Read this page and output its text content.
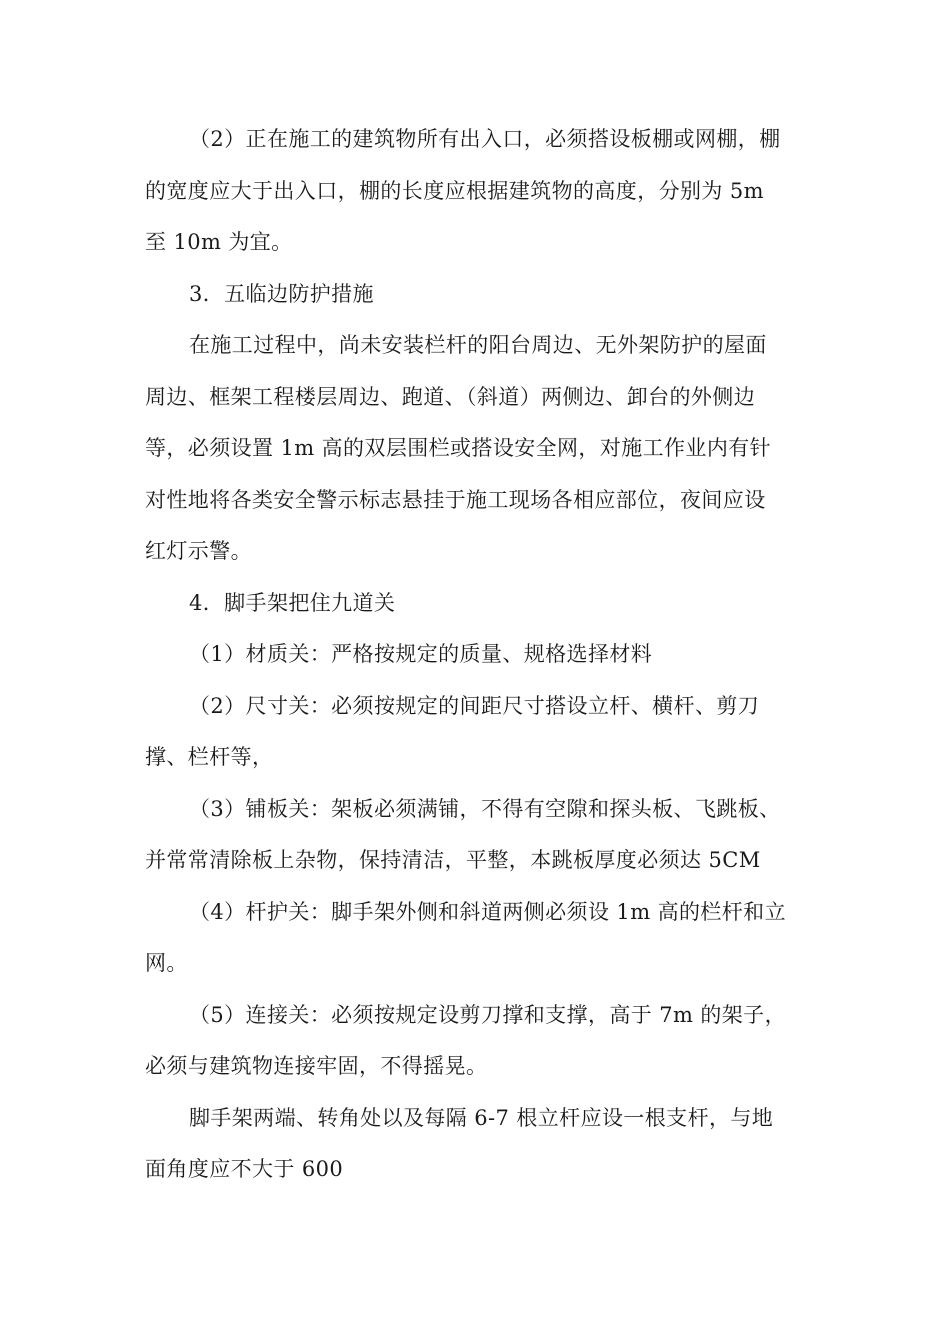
（2）正在施工的建筑物所有出入口，必须搭设板棚或网棚，棚
的宽度应大于出入口，棚的长度应根据建筑物的高度，分别为 5m
至 10m 为宜。

3．五临边防护措施

在施工过程中，尚未安装栏杆的阳台周边、无外架防护的屋面
周边、框架工程楼层周边、跑道、（斜道）两侧边、卸台的外侧边
等，必须设置 1m 高的双层围栏或搭设安全网，对施工作业内有针
对性地将各类安全警示标志悬挂于施工现场各相应部位，夜间应设
红灯示警。

4．脚手架把住九道关

（1）材质关：严格按规定的质量、规格选择材料

（2）尺寸关：必须按规定的间距尺寸搭设立杆、横杆、剪刀
撑、栏杆等，

（3）铺板关：架板必须满铺，不得有空隙和探头板、飞跳板、
并常常清除板上杂物，保持清洁，平整，本跳板厚度必须达 5CM

（4）杆护关：脚手架外侧和斜道两侧必须设 1m 高的栏杆和立
网。

（5）连接关：必须按规定设剪刀撑和支撑，高于 7m 的架子，
必须与建筑物连接牢固，不得摇晃。

脚手架两端、转角处以及每隔 6-7 根立杆应设一根支杆，与地
面角度应不大于 600
